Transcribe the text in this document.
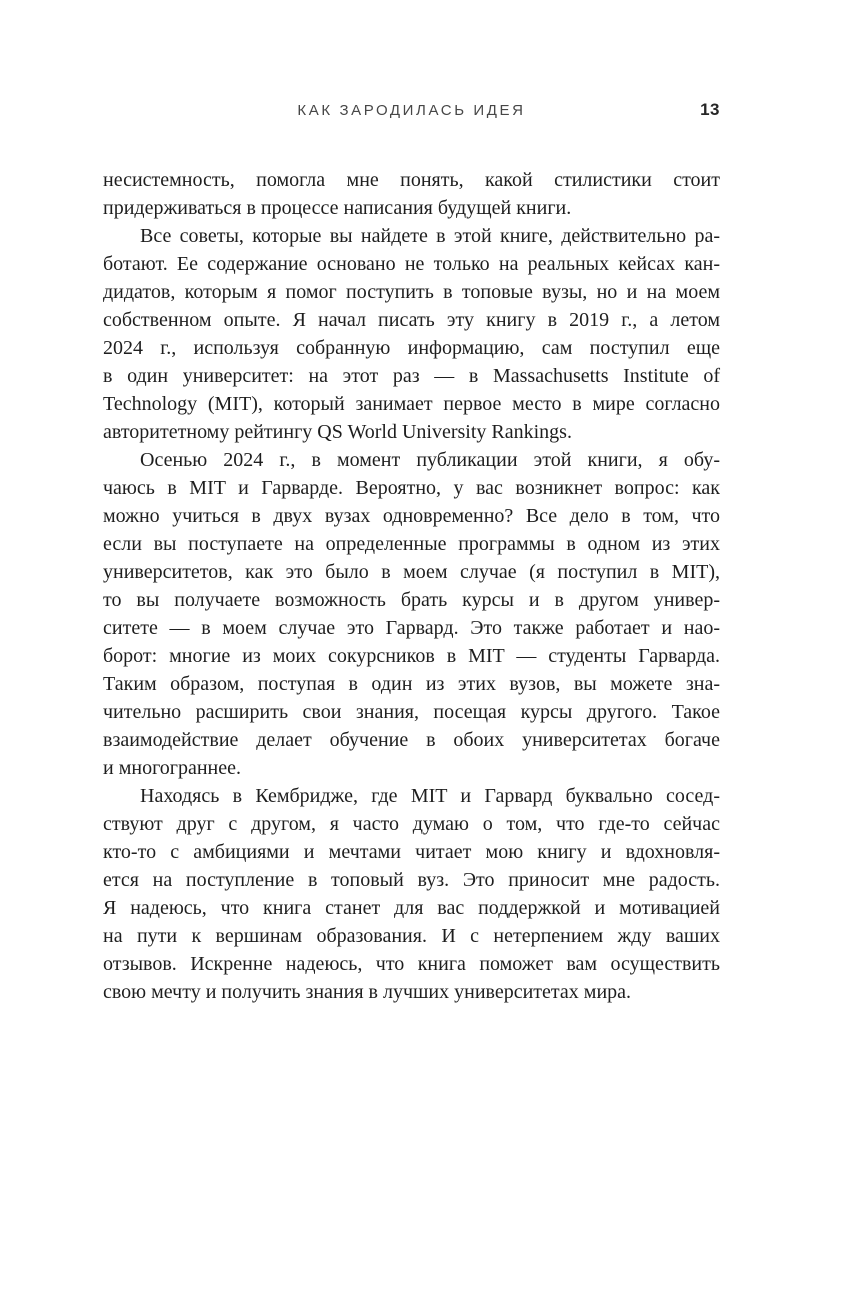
КАК ЗАРОДИЛАСЬ ИДЕЯ	13
несистемность, помогла мне понять, какой стилистики стоит
придерживаться в процессе написания будущей книги.
Все советы, которые вы найдете в этой книге, действительно ра-
ботают. Ее содержание основано не только на реальных кейсах кан-
дидатов, которым я помог поступить в топовые вузы, но и на моем
собственном опыте. Я начал писать эту книгу в 2019 г., а летом
2024 г., используя собранную информацию, сам поступил еще
в один университет: на этот раз — в Massachusetts Institute of
Technology (MIT), который занимает первое место в мире согласно
авторитетному рейтингу QS World University Rankings.
Осенью 2024 г., в момент публикации этой книги, я обу-
чаюсь в MIT и Гарварде. Вероятно, у вас возникнет вопрос: как
можно учиться в двух вузах одновременно? Все дело в том, что
если вы поступаете на определенные программы в одном из этих
университетов, как это было в моем случае (я поступил в MIT),
то вы получаете возможность брать курсы и в другом универ-
ситете — в моем случае это Гарвард. Это также работает и нао-
борот: многие из моих сокурсников в MIT — студенты Гарварда.
Таким образом, поступая в один из этих вузов, вы можете зна-
чительно расширить свои знания, посещая курсы другого. Такое
взаимодействие делает обучение в обоих университетах богаче
и многограннее.
Находясь в Кембридже, где MIT и Гарвард буквально сосед-
ствуют друг с другом, я часто думаю о том, что где-то сейчас
кто-то с амбициями и мечтами читает мою книгу и вдохновля-
ется на поступление в топовый вуз. Это приносит мне радость.
Я надеюсь, что книга станет для вас поддержкой и мотивацией
на пути к вершинам образования. И с нетерпением жду ваших
отзывов. Искренне надеюсь, что книга поможет вам осуществить
свою мечту и получить знания в лучших университетах мира.
